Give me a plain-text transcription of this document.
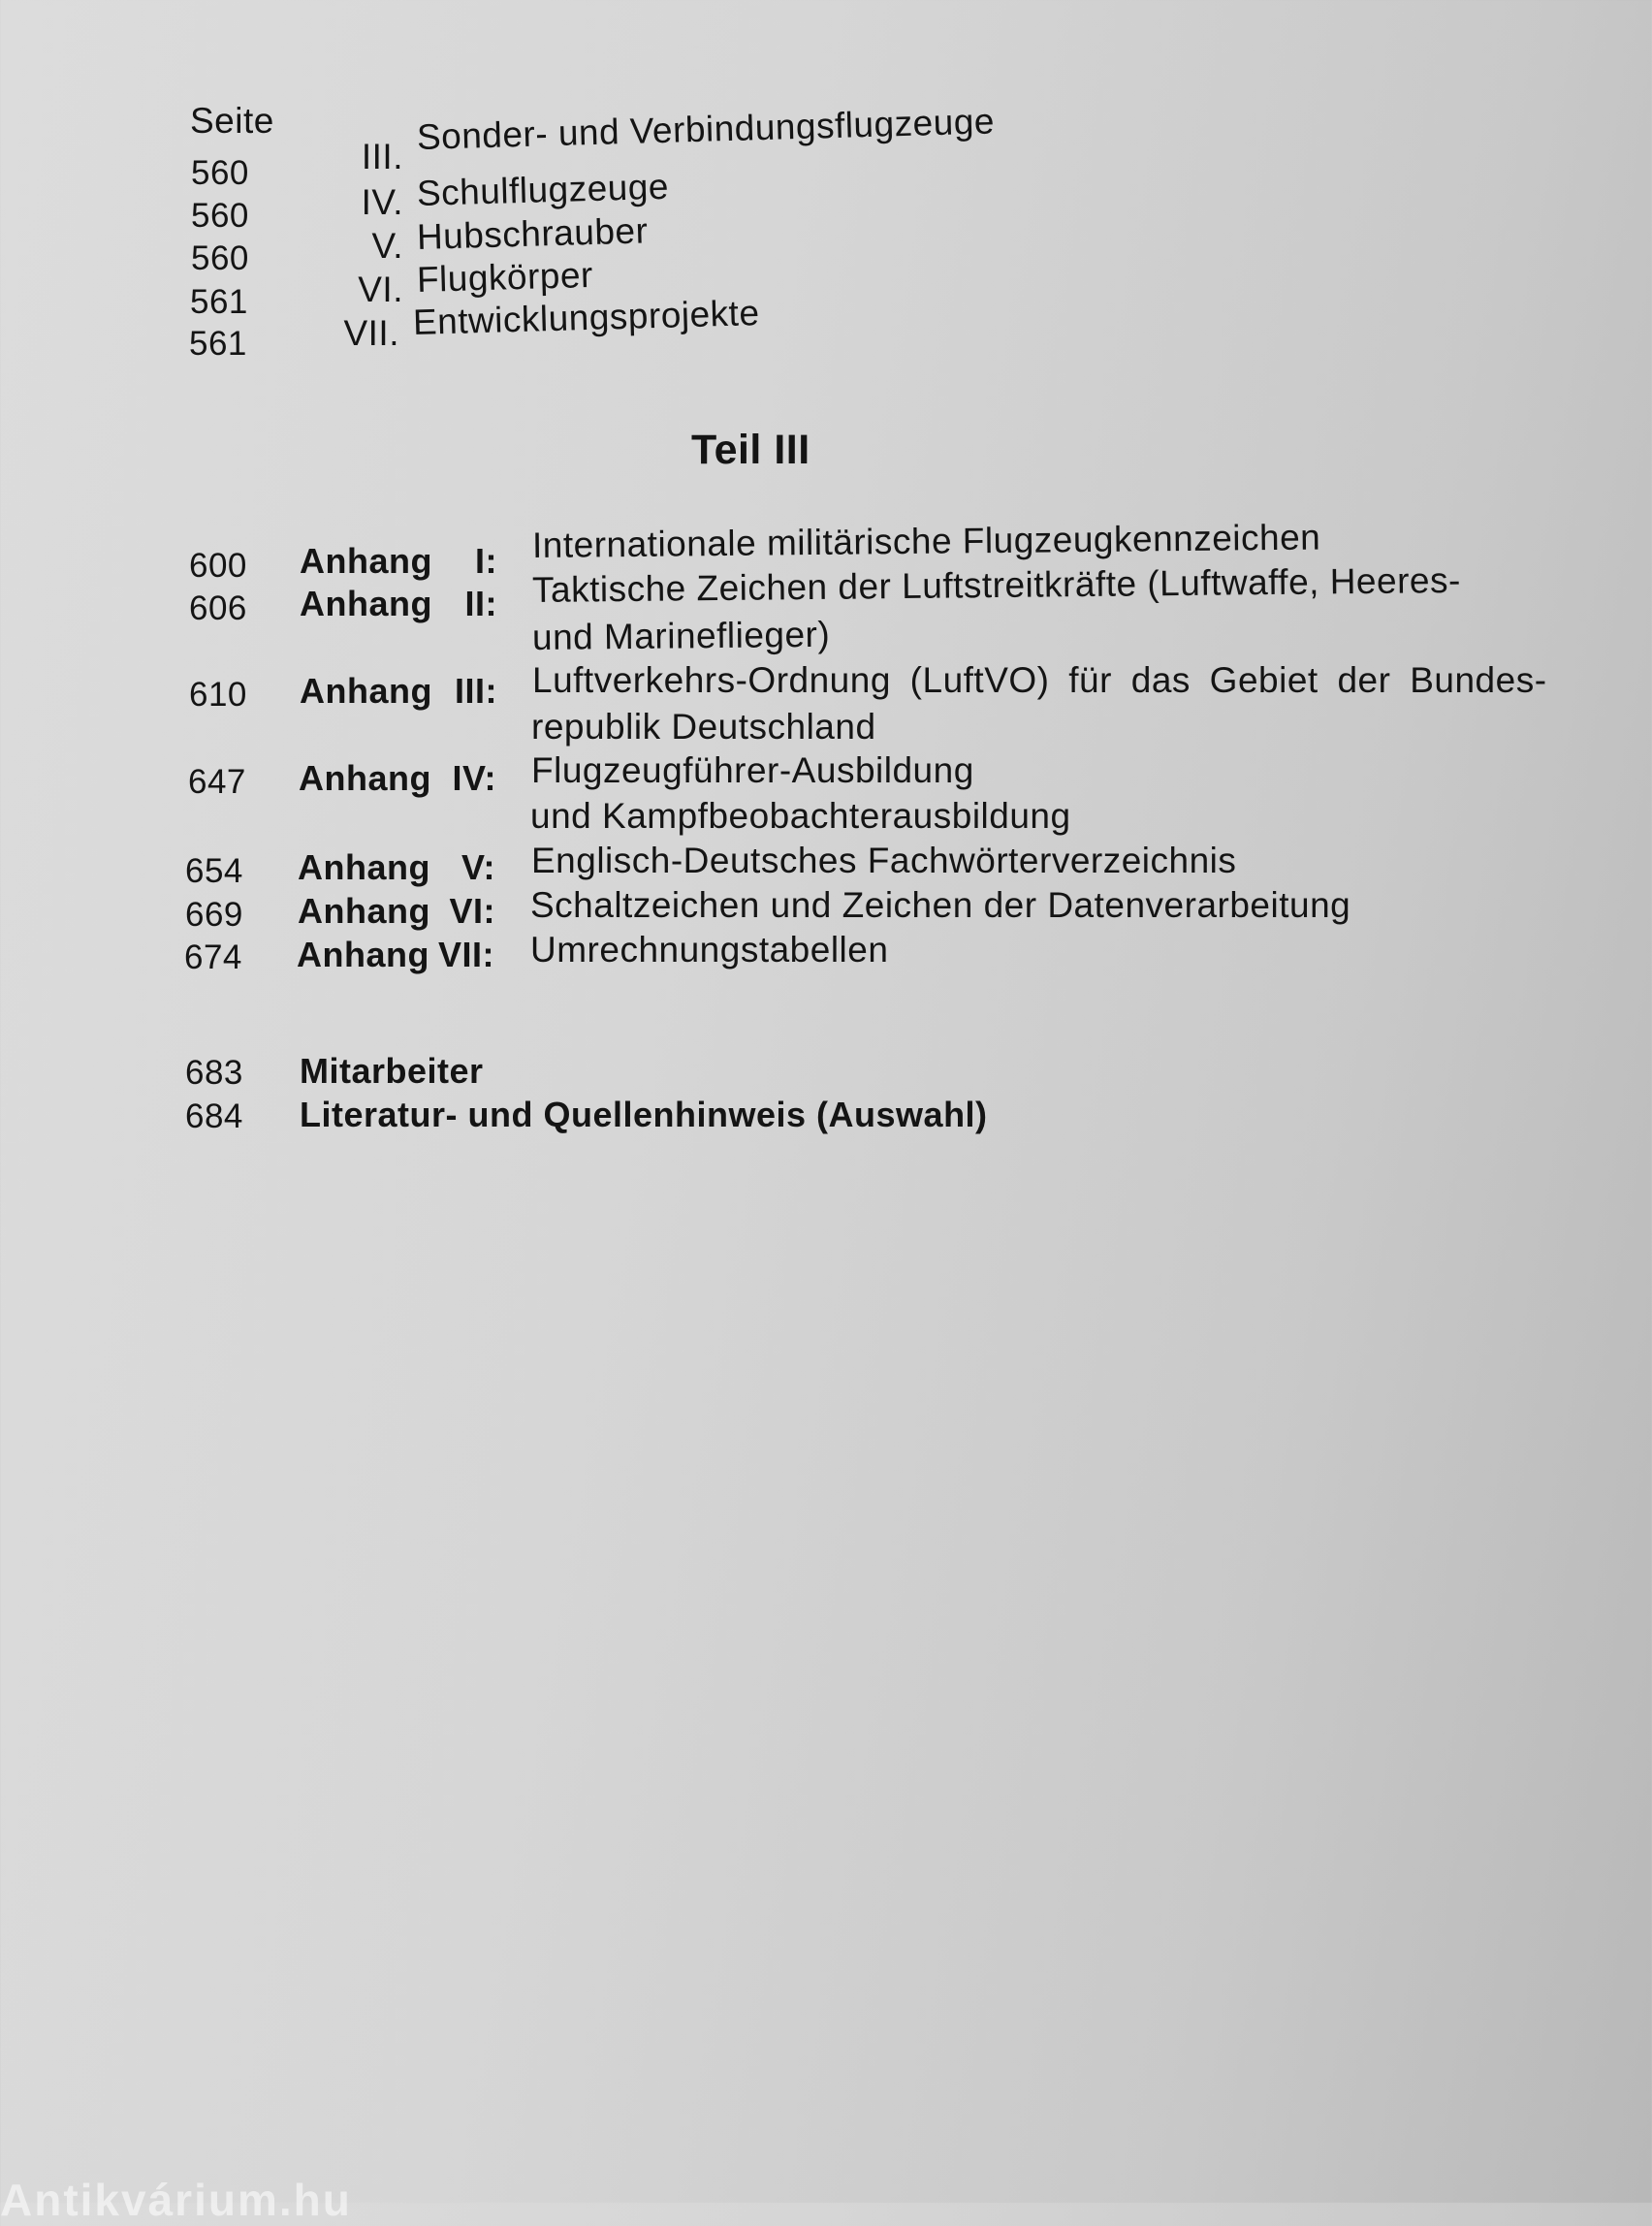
Seite
560	III. Sonder- und Verbindungsflugzeuge
560	IV. Schulflugzeuge
560	V. Hubschrauber
561	VI. Flugkörper
561	VII. Entwicklungsprojekte
Teil III
600 Anhang	I: Internationale militärische Flugzeugkennzeichen
606 Anhang II: Taktische Zeichen der Luftstreitkräfte (Luftwaffe, Heeres-
und Marineflieger)
610 Anhang III: Luftverkehrs-Ordnung (LuftVO) für das Gebiet der Bundes-
republik Deutschland
647 Anhang IV: Flugzeugführer-Ausbildung
und Kampfbeobachterausbildung
654 Anhang V: Englisch-Deutsches Fachwörterverzeichnis
669 Anhang VI: Schaltzeichen und Zeichen der Datenverarbeitung
674 Anhang VII: Umrechnungstabellen
683 Mitarbeiter
684 Literatur- und Quellenhinweis (Auswahl)
Antikvárium.hu
